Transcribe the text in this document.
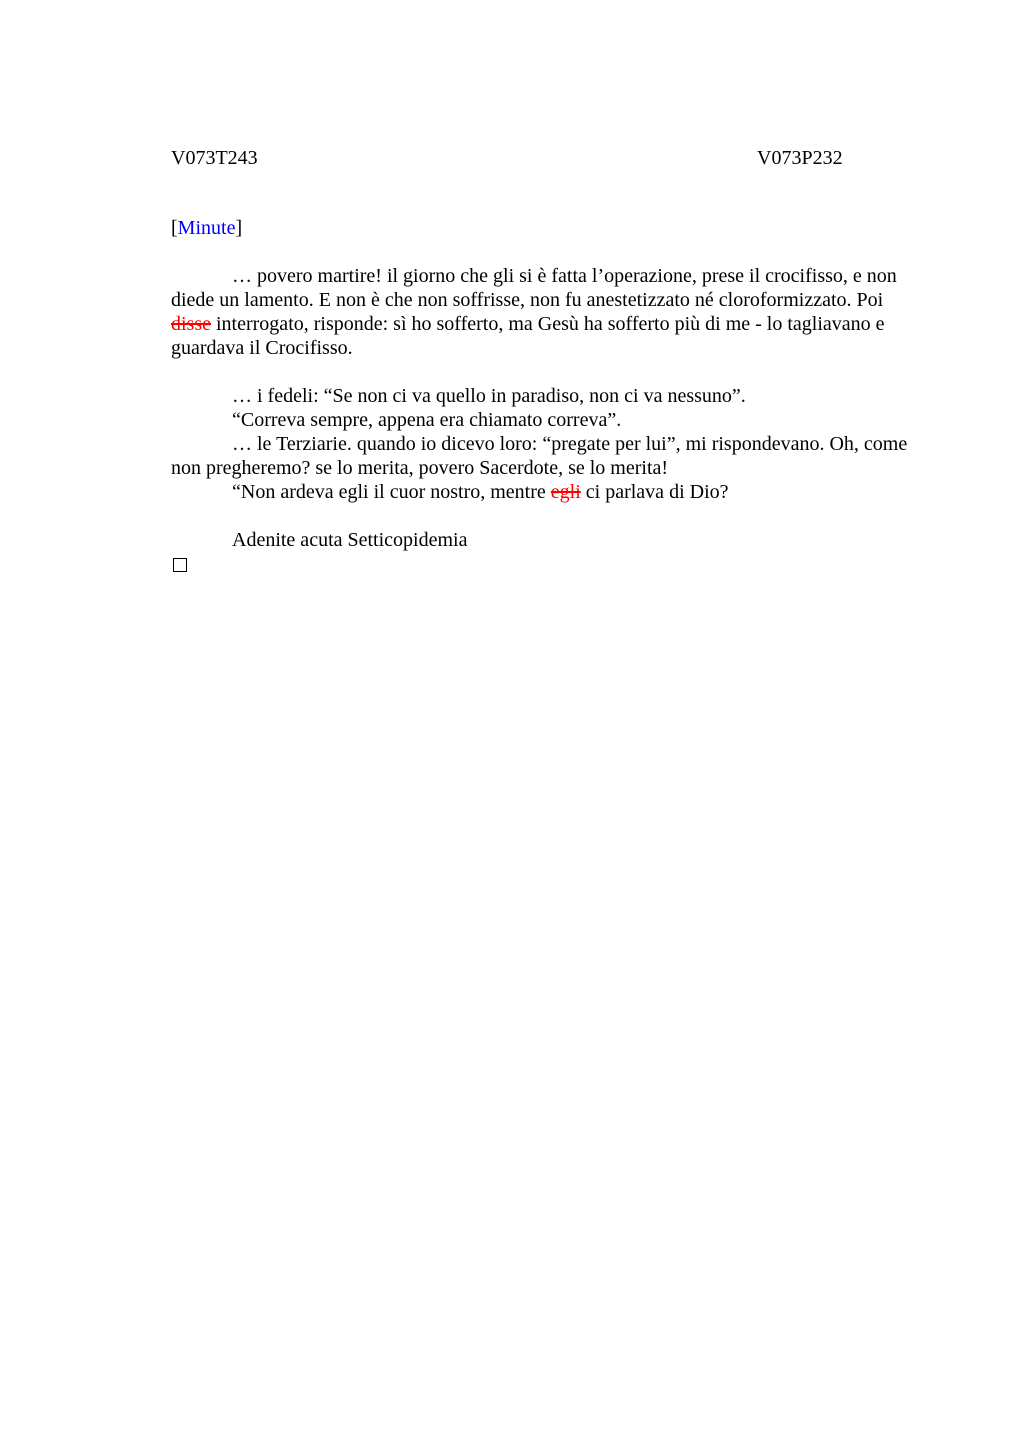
V073T243	V073P232
[Minute]

… povero martire! il giorno che gli si è fatta l’operazione, prese il crocifisso, e non diede un lamento. E non è che non soffrisse, non fu anestetizzato né cloroformizzato. Poi disse interrogato, risponde: sì ho sofferto, ma Gesù ha sofferto più di me - lo tagliavano e guardava il Crocifisso.

… i fedeli: “Se non ci va quello in paradiso, non ci va nessuno”.

“Correva sempre, appena era chiamato correva”.

… le Terziarie. quando io dicevo loro: “pregate per lui”, mi rispondevano. Oh, come non pregheremo? se lo merita, povero Sacerdote, se lo merita!

“Non ardeva egli il cuor nostro, mentre egli ci parlava di Dio?

Adenite acuta Setticopidemia
